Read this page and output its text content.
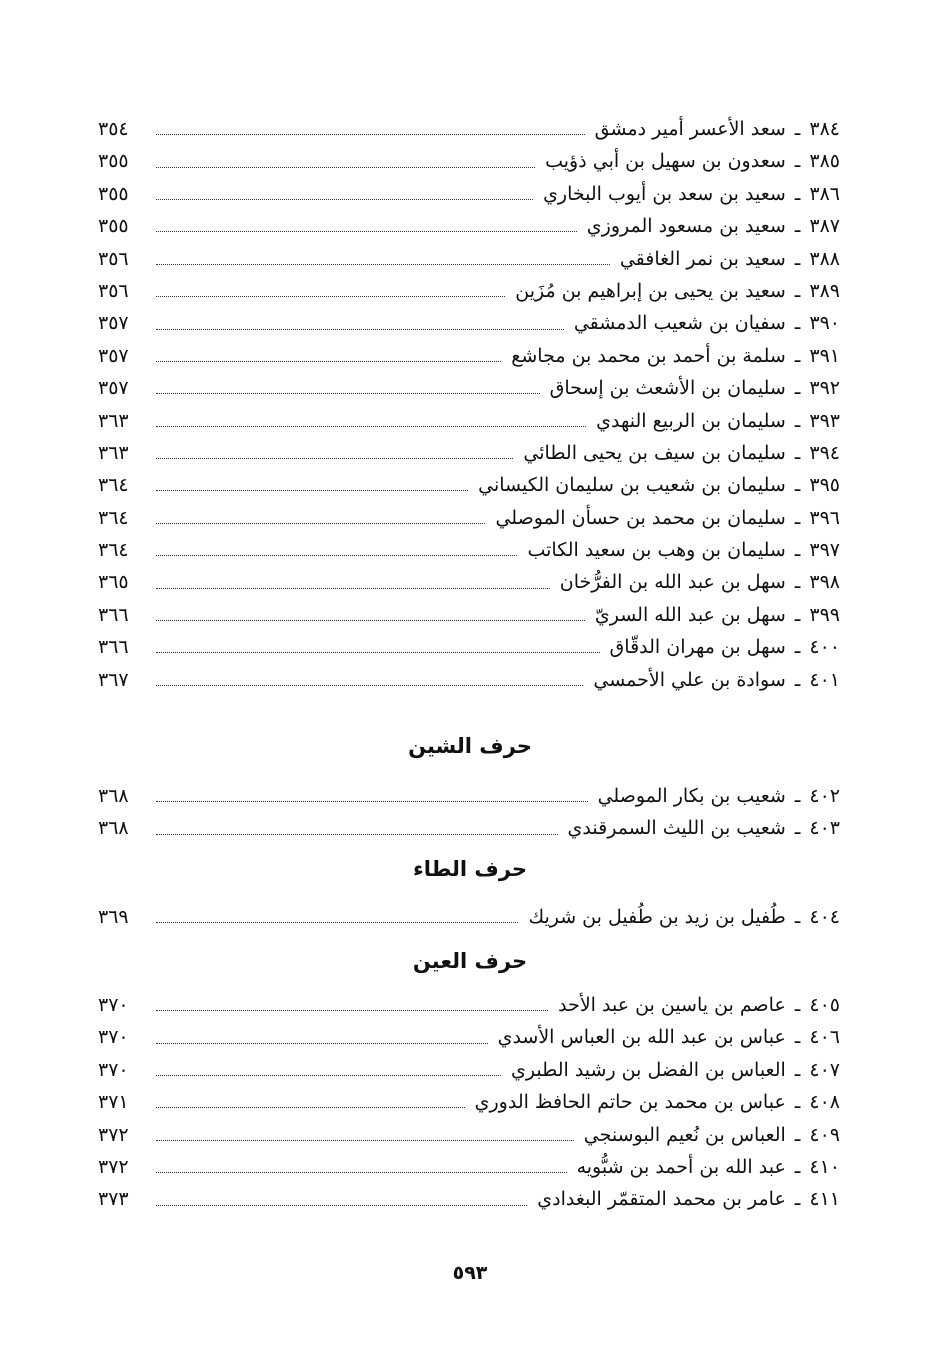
٣٨٤
ـ
سعد الأعسر أمير دمشق
٣٥٤
٣٨٥
ـ
سعدون بن سهيل بن أبي ذؤيب
٣٥٥
٣٨٦
ـ
سعيد بن سعد بن أيوب البخاري
٣٥٥
٣٨٧
ـ
سعيد بن مسعود المروزي
٣٥٥
٣٨٨
ـ
سعيد بن نمر الغافقي
٣٥٦
٣٨٩
ـ
سعيد بن يحيى بن إبراهيم بن مُزَين
٣٥٦
٣٩٠
ـ
سفيان بن شعيب الدمشقي
٣٥٧
٣٩١
ـ
سلمة بن أحمد بن محمد بن مجاشع
٣٥٧
٣٩٢
ـ
سليمان بن الأشعث بن إسحاق
٣٥٧
٣٩٣
ـ
سليمان بن الربيع النهدي
٣٦٣
٣٩٤
ـ
سليمان بن سيف بن يحيى الطائي
٣٦٣
٣٩٥
ـ
سليمان بن شعيب بن سليمان الكيساني
٣٦٤
٣٩٦
ـ
سليمان بن محمد بن حسأن الموصلي
٣٦٤
٣٩٧
ـ
سليمان بن وهب بن سعيد الكاتب
٣٦٤
٣٩٨
ـ
سهل بن عبد الله بن الفرُّخان
٣٦٥
٣٩٩
ـ
سهل بن عبد الله السريّ
٣٦٦
٤٠٠
ـ
سهل بن مهران الدقّاق
٣٦٦
٤٠١
ـ
سوادة بن علي الأحمسي
٣٦٧
حرف الشين
٤٠٢
ـ
شعيب بن بكار الموصلي
٣٦٨
٤٠٣
ـ
شعيب بن الليث السمرقندي
٣٦٨
حرف الطاء
٤٠٤
ـ
طُفيل بن زيد بن طُفيل بن شريك
٣٦٩
حرف العين
٤٠٥
ـ
عاصم بن ياسين بن عبد الأحد
٣٧٠
٤٠٦
ـ
عباس بن عبد الله بن العباس الأسدي
٣٧٠
٤٠٧
ـ
العباس بن الفضل بن رشيد الطبري
٣٧٠
٤٠٨
ـ
عباس بن محمد بن حاتم الحافظ الدوري
٣٧١
٤٠٩
ـ
العباس بن نُعيم البوسنجي
٣٧٢
٤١٠
ـ
عبد الله بن أحمد بن شبُّويه
٣٧٢
٤١١
ـ
عامر بن محمد المتقمّر البغدادي
٣٧٣
٥٩٣
